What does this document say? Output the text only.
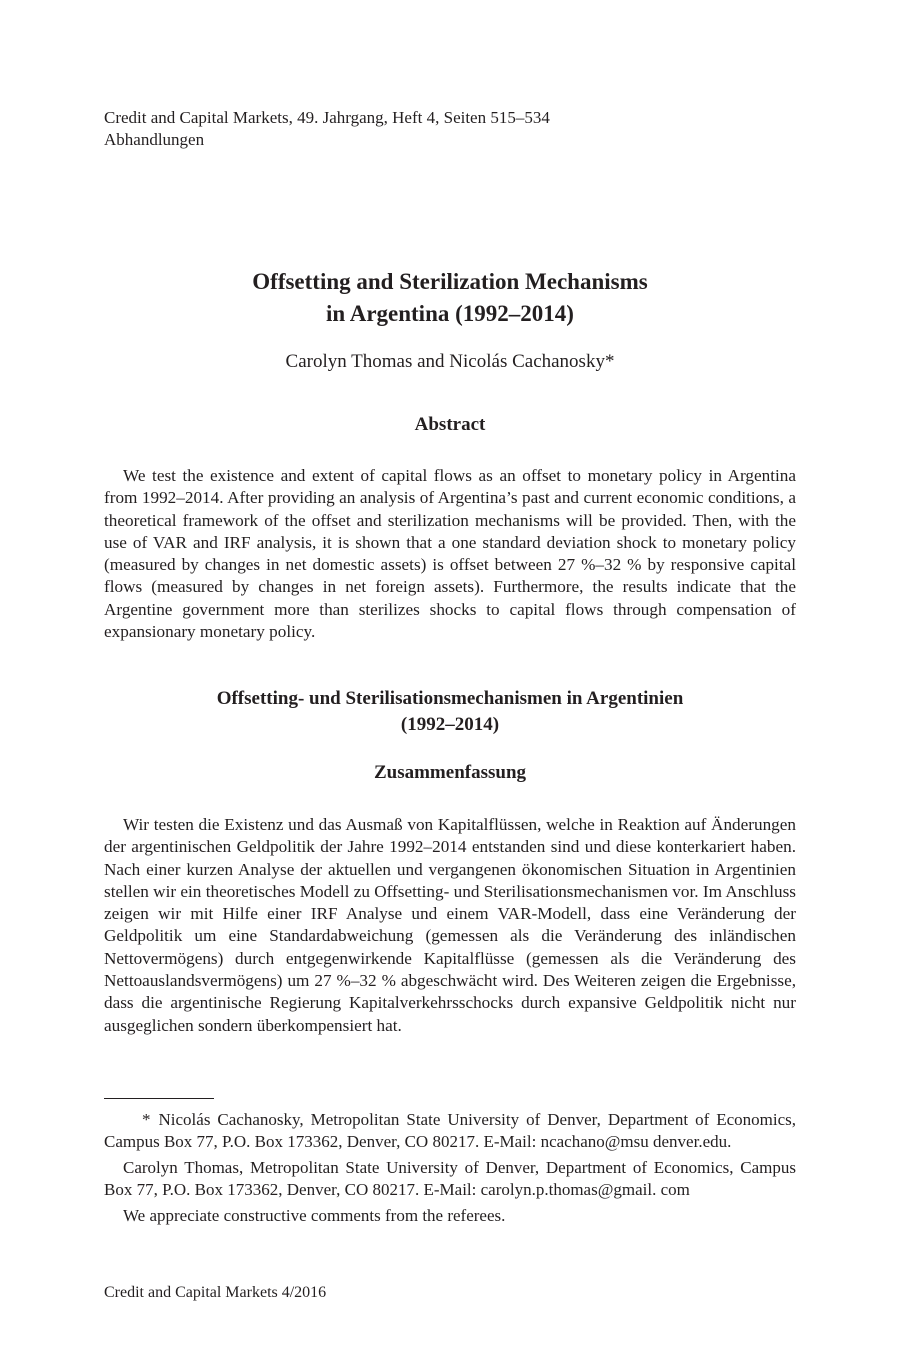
Credit and Capital Markets, 49. Jahrgang, Heft 4, Seiten 515–534
Abhandlungen
Offsetting and Sterilization Mechanisms
in Argentina (1992–2014)
Carolyn Thomas and Nicolás Cachanosky*
Abstract

We test the existence and extent of capital flows as an offset to monetary policy in Argentina from 1992–2014. After providing an analysis of Argentina’s past and current economic conditions, a theoretical framework of the offset and sterilization mechanisms will be provided. Then, with the use of VAR and IRF analysis, it is shown that a one standard deviation shock to monetary policy (measured by changes in net domestic assets) is offset between 27 %–32 % by responsive capital flows (measured by changes in net foreign assets). Furthermore, the results indicate that the Argentine government more than sterilizes shocks to capital flows through compensation of expansionary monetary policy.

Offsetting- und Sterilisationsmechanismen in Argentinien
(1992–2014)
Zusammenfassung

Wir testen die Existenz und das Ausmaß von Kapitalflüssen, welche in Reaktion auf Änderungen der argentinischen Geldpolitik der Jahre 1992–2014 entstanden sind und diese konterkariert haben. Nach einer kurzen Analyse der aktuellen und vergangenen ökonomischen Situation in Argentinien stellen wir ein theoretisches Modell zu Offsetting- und Sterilisationsmechanismen vor. Im Anschluss zeigen wir mit Hilfe einer IRF Analyse und einem VAR-Modell, dass eine Veränderung der Geldpolitik um eine Standardabweichung (gemessen als die Veränderung des inländischen Nettovermögens) durch entgegenwirkende Kapitalflüsse (gemessen als die Veränderung des Nettoauslandsvermögens) um 27 %–32 % abgeschwächt wird. Des Weiteren zeigen die Ergebnisse, dass die argentinische Regierung Kapitalverkehrsschocks durch expansive Geldpolitik nicht nur ausgeglichen sondern überkompensiert hat.

* Nicolás Cachanosky, Metropolitan State University of Denver, Department of Economics, Campus Box 77, P.O. Box 173362, Denver, CO 80217. E-Mail: ncachano@msu denver.edu.

Carolyn Thomas, Metropolitan State University of Denver, Department of Economics, Campus Box 77, P.O. Box 173362, Denver, CO 80217. E-Mail: carolyn.p.thomas@gmail. com

We appreciate constructive comments from the referees.

Credit and Capital Markets 4/2016
